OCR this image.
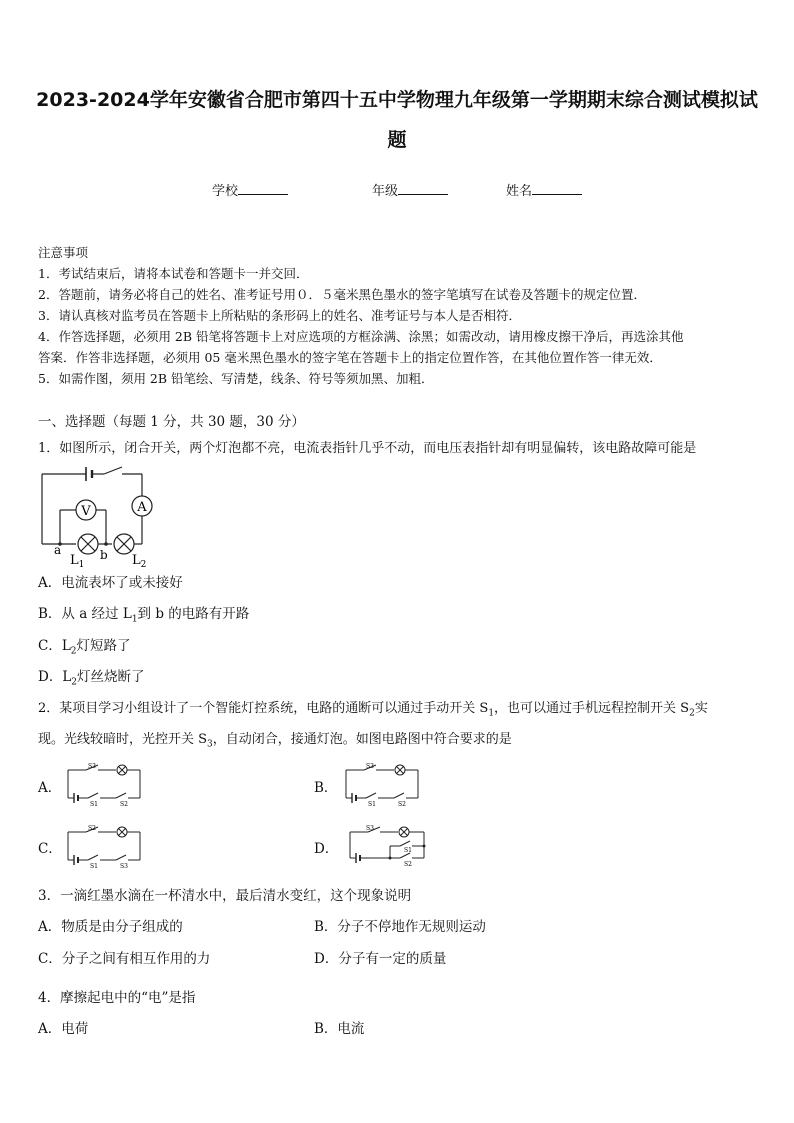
2023-2024学年安徽省合肥市第四十五中学物理九年级第一学期期末综合测试模拟试
题
学校	年级	姓名
注意事项
1．考试结束后，请将本试卷和答题卡一并交回．
2．答题前，请务必将自己的姓名、准考证号用０．５毫米黑色墨水的签字笔填写在试卷及答题卡的规定位置．
3．请认真核对监考员在答题卡上所粘贴的条形码上的姓名、准考证号与本人是否相符．
4．作答选择题，必须用 2B 铅笔将答题卡上对应选项的方框涂满、涂黑；如需改动，请用橡皮擦干净后，再选涂其他
答案．作答非选择题，必须用 05 毫米黑色墨水的签字笔在答题卡上的指定位置作答，在其他位置作答一律无效．
5．如需作图，须用 2B 铅笔绘、写清楚，线条、符号等须加黑、加粗．
一、选择题（每题 1 分，共 30 题，30 分）
1．如图所示，闭合开关，两个灯泡都不亮，电流表指针几乎不动，而电压表指针却有明显偏转，该电路故障可能是
V	A
a	b
$L_1$	$L_2$
A．电流表坏了或未接好
B．从 a 经过 $L_1$到 b 的电路有开路
C．$L_2$灯短路了
D．$L_2$灯丝烧断了
2．某项目学习小组设计了一个智能灯控系统，电路的通断可以通过手动开关 $S_1$，也可以通过手机远程控制开关 $S_2$实
现。光线较暗时，光控开关 $S_3$，自动闭合，接通灯泡。如图电路图中符合要求的是
A．
S3
S1	S2
B．
S3
S1	S2
C．
S2
S1	S3
D．
S3
S1
S2
3．一滴红墨水滴在一杯清水中，最后清水变红，这个现象说明
A．物质是由分子组成的	B．分子不停地作无规则运动
C．分子之间有相互作用的力	D．分子有一定的质量
4．摩擦起电中的“电”是指
A．电荷	B．电流
